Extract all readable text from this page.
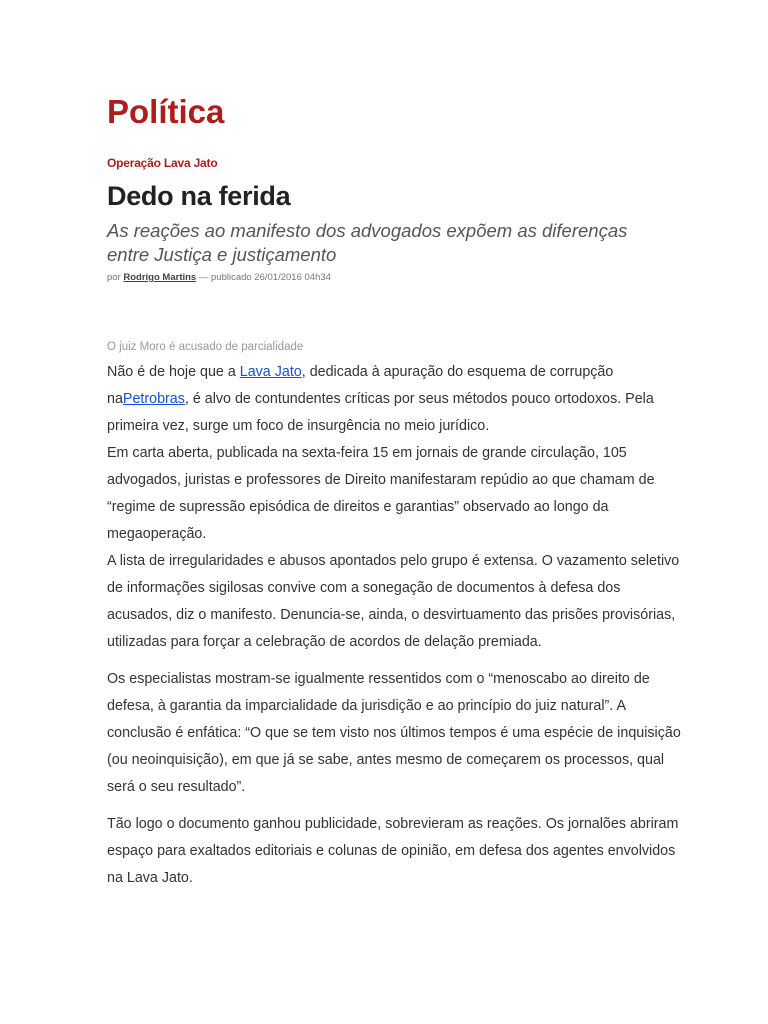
Política
Operação Lava Jato
Dedo na ferida
As reações ao manifesto dos advogados expõem as diferenças entre Justiça e justiçamento
por Rodrigo Martins — publicado 26/01/2016 04h34
O juiz Moro é acusado de parcialidade

Não é de hoje que a Lava Jato, dedicada à apuração do esquema de corrupção naPetrobras, é alvo de contundentes críticas por seus métodos pouco ortodoxos. Pela primeira vez, surge um foco de insurgência no meio jurídico.

Em carta aberta, publicada na sexta-feira 15 em jornais de grande circulação, 105 advogados, juristas e professores de Direito manifestaram repúdio ao que chamam de “regime de supressão episódica de direitos e garantias” observado ao longo da megaoperação.

A lista de irregularidades e abusos apontados pelo grupo é extensa. O vazamento seletivo de informações sigilosas convive com a sonegação de documentos à defesa dos acusados, diz o manifesto. Denuncia-se, ainda, o desvirtuamento das prisões provisórias, utilizadas para forçar a celebração de acordos de delação premiada.

Os especialistas mostram-se igualmente ressentidos com o “menoscabo ao direito de defesa, à garantia da imparcialidade da jurisdição e ao princípio do juiz natural”. A conclusão é enfática: “O que se tem visto nos últimos tempos é uma espécie de inquisição (ou neoinquisição), em que já se sabe, antes mesmo de começarem os processos, qual será o seu resultado”.

Tão logo o documento ganhou publicidade, sobrevieram as reações. Os jornalões abriram espaço para exaltados editoriais e colunas de opinião, em defesa dos agentes envolvidos na Lava Jato.
